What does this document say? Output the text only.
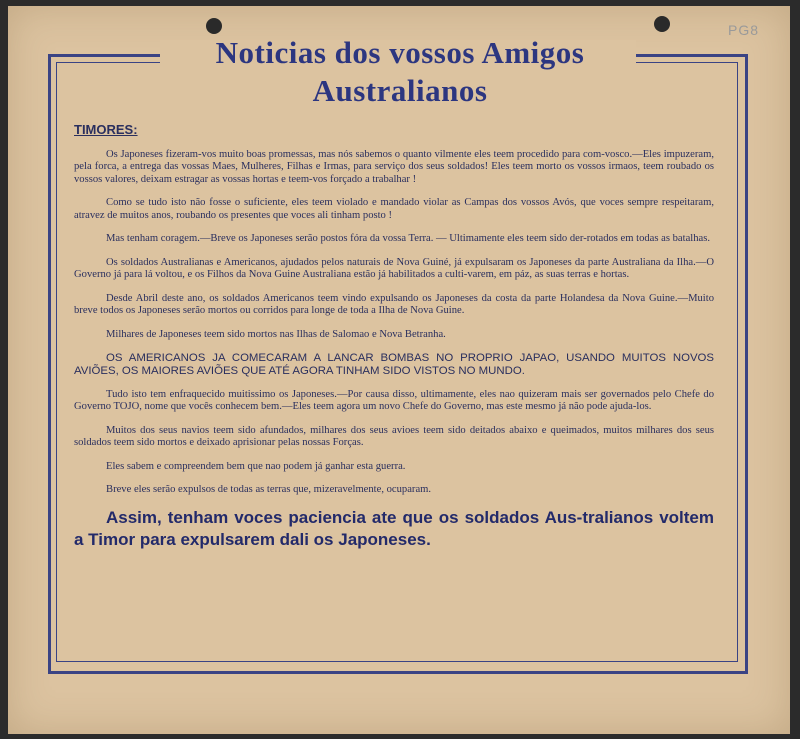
PG8
Noticias dos vossos Amigos
Australianos
TIMORES:

Os Japoneses fizeram-vos muito boas promessas, mas nós sabemos o quanto vilmente eles teem procedido para com-vosco.—Eles impuzeram, pela forca, a entrega das vossas Maes, Mulheres, Filhas e Irmas, para serviço dos seus soldados! Eles teem morto os vossos irmaos, teem roubado os vossos valores, deixam estragar as vossas hortas e teem-vos forçado a trabalhar !

Como se tudo isto não fosse o suficiente, eles teem violado e mandado violar as Campas dos vossos Avós, que voces sempre respeitaram, atravez de muitos anos, roubando os presentes que voces ali tinham posto !

Mas tenham coragem.—Breve os Japoneses serão postos fóra da vossa Terra. — Ultimamente eles teem sido der-rotados em todas as batalhas.

Os soldados Australianas e Americanos, ajudados pelos naturais de Nova Guiné, já expulsaram os Japoneses da parte Australiana da Ilha.—O Governo já para lá voltou, e os Filhos da Nova Guine Australiana estão já habilitados a culti-varem, em páz, as suas terras e hortas.

Desde Abril deste ano, os soldados Americanos teem vindo expulsando os Japoneses da costa da parte Holandesa da Nova Guine.—Muito breve todos os Japoneses serão mortos ou corridos para longe de toda a Ilha de Nova Guine.

Milhares de Japoneses teem sido mortos nas Ilhas de Salomao e Nova Betranha.

OS AMERICANOS JA COMECARAM A LANCAR BOMBAS NO PROPRIO JAPAO, USANDO MUITOS NOVOS AVIÕES, OS MAIORES AVIÕES QUE ATÉ AGORA TINHAM SIDO VISTOS NO MUNDO.

Tudo isto tem enfraquecido muitissimo os Japoneses.—Por causa disso, ultimamente, eles nao quizeram mais ser governados pelo Chefe do Governo TOJO, nome que vocês conhecem bem.—Eles teem agora um novo Chefe do Governo, mas este mesmo já não pode ajuda-los.

Muitos dos seus navios teem sido afundados, milhares dos seus avioes teem sido deitados abaixo e queimados, muitos milhares dos seus soldados teem sido mortos e deixado aprisionar pelas nossas Forças.

Eles sabem e compreendem bem que nao podem já ganhar esta guerra.

Breve eles serão expulsos de todas as terras que, mizeravelmente, ocuparam.

Assim, tenham voces paciencia ate que os soldados Aus-tralianos voltem a Timor para expulsarem dali os Japoneses.
